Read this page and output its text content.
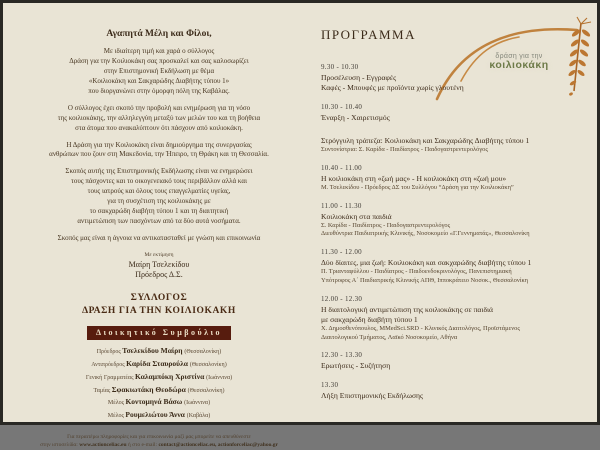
Αγαπητά Μέλη και Φίλοι,

Με ιδιαίτερη τιμή και χαρά ο σύλλογος
Δράση για την Κοιλιοκάκη σας προσκαλεί και σας καλοσωρίζει
στην Επιστημονική Εκδήλωση με θέμα
«Κοιλιοκάκη και Σακχαρώδης Διαβήτης τύπου 1»
που διοργανώνει στην όμορφη πόλη της Καβάλας.

Ο σύλλογος έχει σκοπό την προβολή και ενημέρωση για τη νόσο
της κοιλιοκάκης, την αλληλεγγύη μεταξύ των μελών του και τη βοήθεια
στα άτομα που ανακαλύπτουν ότι πάσχουν από κοιλιοκάκη.

Η Δράση για την Κοιλιοκάκη είναι δημιούργημα της συνεργασίας
ανθρώπων που ζουν στη Μακεδονία, την Ήπειρο, τη Θράκη και τη Θεσσαλία.

Σκοπός αυτής της Επιστημονικής Εκδήλωσης είναι να ενημερώσει
τους πάσχοντες και το οικογενειακό τους περιβάλλον αλλά και
τους ιατρούς και όλους τους επαγγελματίες υγείας,
για τη συσχέτιση της κοιλιοκάκης με
το σακχαρώδη διαβήτη τύπου 1 και τη διαιτητική
αντιμετώπιση των πασχόντων από τα δύο αυτά νοσήματα.

Σκοπός μας είναι η άγνοια να αντικατασταθεί με γνώση και επικοινωνία
Με εκτίμηση
Μαίρη Τσελεκίδου
Πρόεδρος Δ.Σ.
ΣΥΛΛΟΓΟΣ
ΔΡΑΣΗ ΓΙΑ ΤΗΝ ΚΟΙΛΙΟΚΑΚΗ
Διοικητικό Συμβούλιο
Πρόεδρος Τσελεκίδου Μαίρη (Θεσσαλονίκη)
Αντιπρόεδρος Καρίδα Σταυρούλα (Θεσσαλονίκη)
Γενική Γραμματέας Καλαμπόκη Χριστίνα (Ιωάννινα)
Ταμίας Σφακιωτάκη Θεοδώρα (Θεσσαλονίκη)
Μέλος Κοντομηνά Βάσω (Ιωάννινα)
Μέλος Ρουμελιώτου Άννα (Καβάλα)
Για περαιτέρω πληροφορίες και για επικοινωνία μαζί μας μπορείτε να απευθύνεστε
στην ιστοσελίδα: www.actionceliac.eu ή στο e-mail: contact@actionceliac.eu, actionforceliac@yahoo.gr
δράση για την
κοιλιοκάκη
ΠΡΟΓΡΑΜΜΑ
9.30 - 10.30
Προσέλευση - Εγγραφές
Καφές - Μπουφές με προϊόντα χωρίς γλουτένη
10.30 - 10.40
Έναρξη - Χαιρετισμός
Στρόγγυλη τράπεζα: Κοιλιοκάκη και Σακχαρώδης Διαβήτης τύπου 1
Συντονίστρια: Σ. Καρίδα - Παιδίατρος - Παιδογαστρεντερολόγος
10.40 - 11.00
Η κοιλιοκάκη στη «ζωή μας» - Η κοιλιοκάκη στη «ζωή μου»
Μ. Τσελεκίδου - Πρόεδρος ΔΣ του Συλλόγου “Δράση για την Κοιλιοκάκη”
11.00 - 11.30
Κοιλιοκάκη στα παιδιά
Σ. Καρίδα - Παιδίατρος - Παιδογαστρεντερολόγος
Διευθύντρια Παιδιατρικής Κλινικής, Νοσοκομείο «Γ.Γεννηματάς», Θεσσαλονίκη
11.30 - 12.00
Δύο δίαιτες, μια ζωή: Κοιλιοκάκη και σακχαρώδης διαβήτης τύπου 1
Π. Τριανταφύλλου - Παιδίατρος - Παιδοενδοκρινολόγος, Πανεπιστημιακή
Υπότροφος Α΄ Παιδιατρικής Κλινικής ΑΠΘ, Ιπποκράτειο Νοσοκ., Θεσσαλονίκη
12.00 - 12.30
Η διαιτολογική αντιμετώπιση της κοιλιοκάκης σε παιδιά
με σακχαρώδη διαβήτη τύπου 1
Χ. Δημοσθενόπουλος, MMedSci.SRD - Κλινικός Διαιτολόγος, Προϊστάμενος
Διαιτολογικού Τμήματος, Λαϊκό Νοσοκομείο, Αθήνα
12.30 - 13.30
Ερωτήσεις - Συζήτηση
13.30
Λήξη Επιστημονικής Εκδήλωσης
